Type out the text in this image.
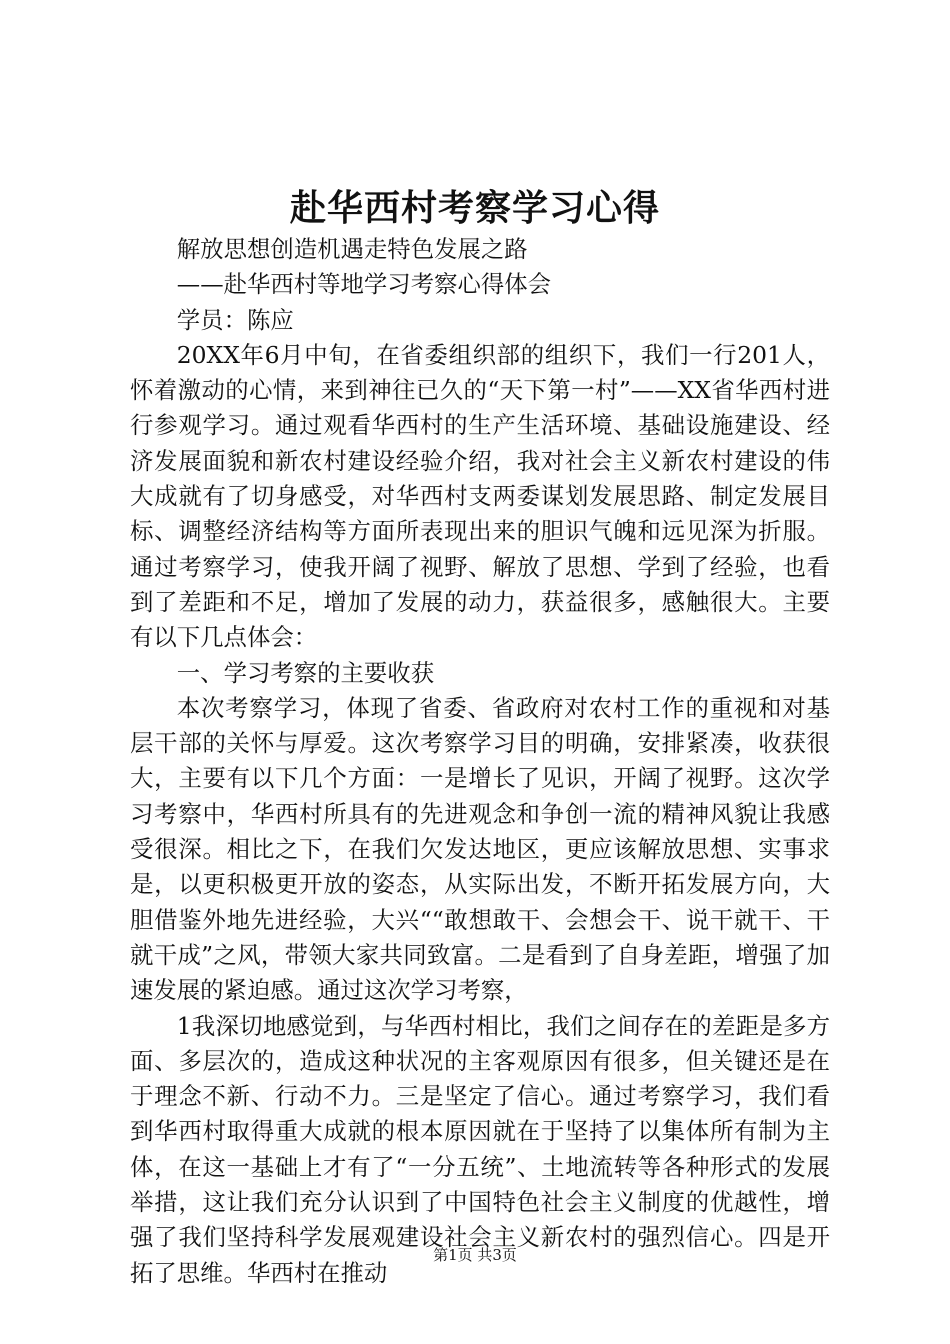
赴华西村考察学习心得

解放思想创造机遇走特色发展之路

——赴华西村等地学习考察心得体会

学员：陈应

20XX年6月中旬，在省委组织部的组织下，我们一行201人，怀着激动的心情，来到神往已久的“天下第一村”——XX省华西村进行参观学习。通过观看华西村的生产生活环境、基础设施建设、经济发展面貌和新农村建设经验介绍，我对社会主义新农村建设的伟大成就有了切身感受，对华西村支两委谋划发展思路、制定发展目标、调整经济结构等方面所表现出来的胆识气魄和远见深为折服。通过考察学习，使我开阔了视野、解放了思想、学到了经验，也看到了差距和不足，增加了发展的动力，获益很多，感触很大。主要有以下几点体会：

一、学习考察的主要收获

本次考察学习，体现了省委、省政府对农村工作的重视和对基层干部的关怀与厚爱。这次考察学习目的明确，安排紧凑，收获很大，主要有以下几个方面：一是增长了见识，开阔了视野。这次学习考察中，华西村所具有的先进观念和争创一流的精神风貌让我感受很深。相比之下，在我们欠发达地区，更应该解放思想、实事求是，以更积极更开放的姿态，从实际出发，不断开拓发展方向，大胆借鉴外地先进经验，大兴““敢想敢干、会想会干、说干就干、干就干成”之风，带领大家共同致富。二是看到了自身差距，增强了加速发展的紧迫感。通过这次学习考察，

1我深切地感觉到，与华西村相比，我们之间存在的差距是多方面、多层次的，造成这种状况的主客观原因有很多，但关键还是在于理念不新、行动不力。三是坚定了信心。通过考察学习，我们看到华西村取得重大成就的根本原因就在于坚持了以集体所有制为主体，在这一基础上才有了“一分五统”、土地流转等各种形式的发展举措，这让我们充分认识到了中国特色社会主义制度的优越性，增强了我们坚持科学发展观建设社会主义新农村的强烈信心。四是开拓了思维。华西村在推动

第1页 共3页
